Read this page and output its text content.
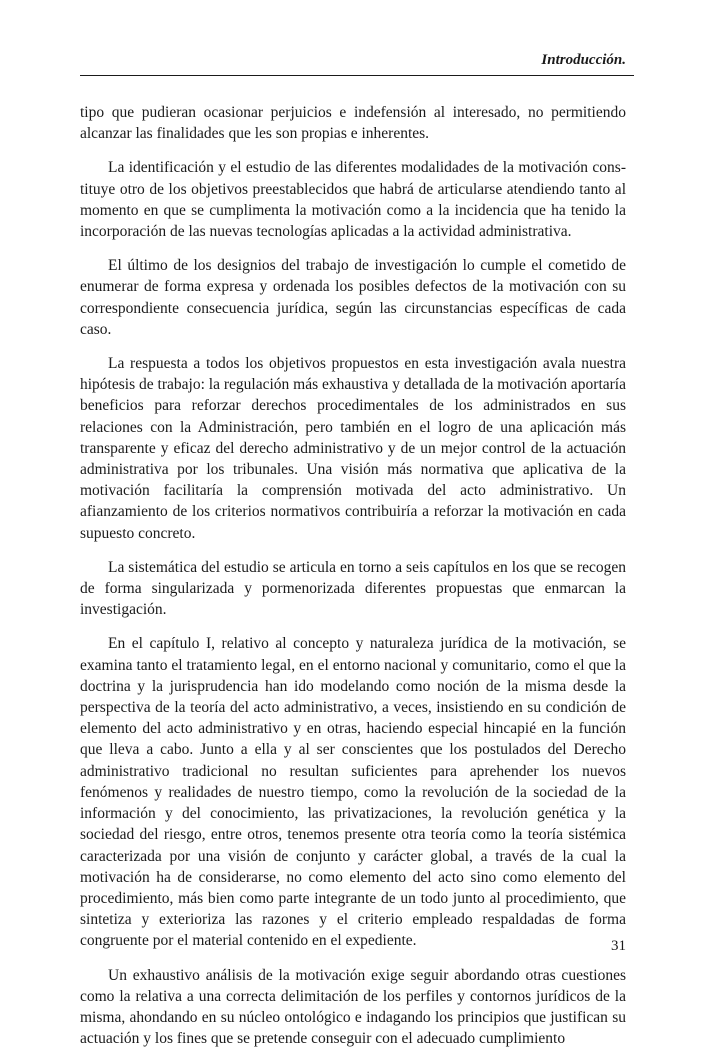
Introducción.

tipo que pudieran ocasionar perjuicios e indefensión al interesado, no permitiendo alcanzar las finalidades que les son propias e inherentes.

La identificación y el estudio de las diferentes modalidades de la motivación constituye otro de los objetivos preestablecidos que habrá de articularse atendiendo tanto al momento en que se cumplimenta la motivación como a la incidencia que ha tenido la incorporación de las nuevas tecnologías aplicadas a la actividad administrativa.

El último de los designios del trabajo de investigación lo cumple el cometido de enumerar de forma expresa y ordenada los posibles defectos de la motivación con su correspondiente consecuencia jurídica, según las circunstancias específicas de cada caso.

La respuesta a todos los objetivos propuestos en esta investigación avala nuestra hipótesis de trabajo: la regulación más exhaustiva y detallada de la motivación aportaría beneficios para reforzar derechos procedimentales de los administrados en sus relaciones con la Administración, pero también en el logro de una aplicación más transparente y eficaz del derecho administrativo y de un mejor control de la actuación administrativa por los tribunales. Una visión más normativa que aplicativa de la motivación facilitaría la comprensión motivada del acto administrativo. Un afianzamiento de los criterios normativos contribuiría a reforzar la motivación en cada supuesto concreto.

La sistemática del estudio se articula en torno a seis capítulos en los que se recogen de forma singularizada y pormenorizada diferentes propuestas que enmarcan la investigación.

En el capítulo I, relativo al concepto y naturaleza jurídica de la motivación, se examina tanto el tratamiento legal, en el entorno nacional y comunitario, como el que la doctrina y la jurisprudencia han ido modelando como noción de la misma desde la perspectiva de la teoría del acto administrativo, a veces, insistiendo en su condición de elemento del acto administrativo y en otras, haciendo especial hincapié en la función que lleva a cabo. Junto a ella y al ser conscientes que los postulados del Derecho administrativo tradicional no resultan suficientes para aprehender los nuevos fenómenos y realidades de nuestro tiempo, como la revolución de la sociedad de la información y del conocimiento, las privatizaciones, la revolución genética y la sociedad del riesgo, entre otros, tenemos presente otra teoría como la teoría sistémica caracterizada por una visión de conjunto y carácter global, a través de la cual la motivación ha de considerarse, no como elemento del acto sino como elemento del procedimiento, más bien como parte integrante de un todo junto al procedimiento, que sintetiza y exterioriza las razones y el criterio empleado respaldadas de forma congruente por el material contenido en el expediente.

Un exhaustivo análisis de la motivación exige seguir abordando otras cuestiones como la relativa a una correcta delimitación de los perfiles y contornos jurídicos de la misma, ahondando en su núcleo ontológico e indagando los principios que justifican su actuación y los fines que se pretende conseguir con el adecuado cumplimiento

31
